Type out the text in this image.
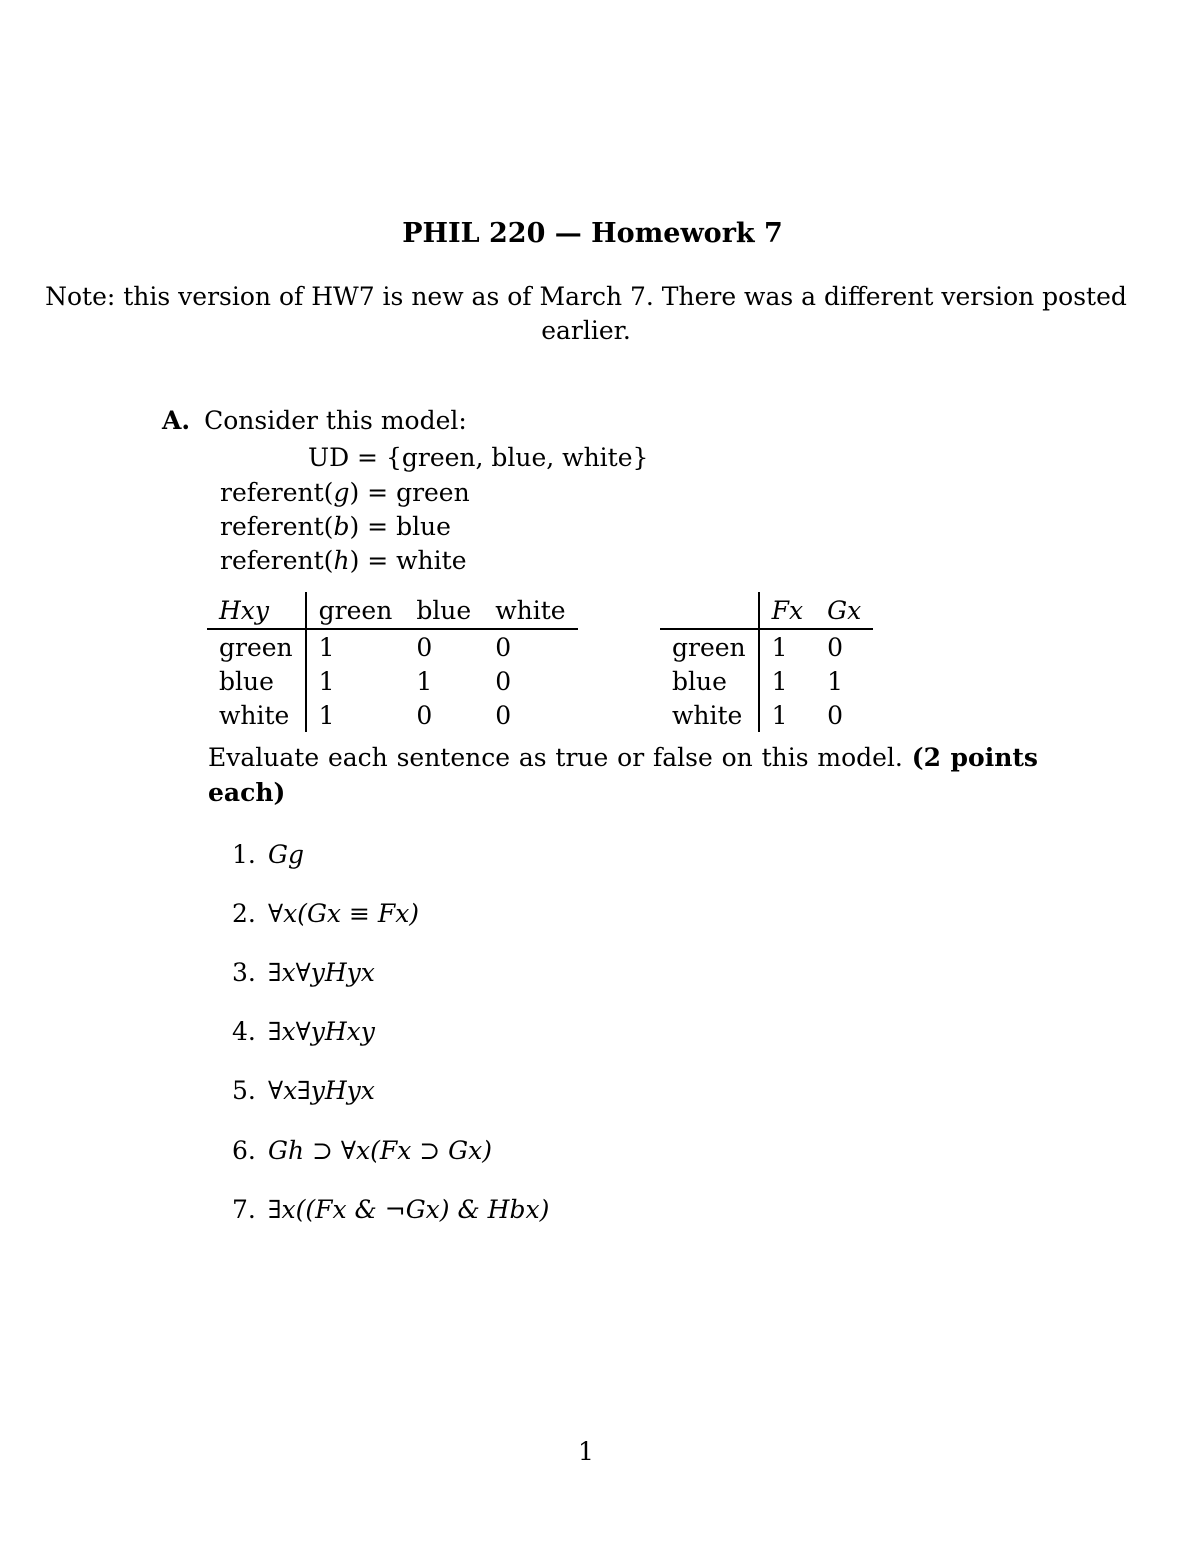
PHIL 220 — Homework 7
Note: this version of HW7 is new as of March 7. There was a different version posted earlier.
A. Consider this model:
UD = {green, blue, white}
referent(g) = green
referent(b) = blue
referent(h) = white
Hxy	green	blue	white
green	1	0	0
blue	1	1	0
white	1	0	0
	Fx	Gx
green	1	0
blue	1	1
white	1	0
Evaluate each sentence as true or false on this model. (2 points each)
1. Gg
2. ∀x(Gx ≡ Fx)
3. ∃x∀yHyx
4. ∃x∀yHxy
5. ∀x∃yHyx
6. Gh ⊃ ∀x(Fx ⊃ Gx)
7. ∃x((Fx & ¬Gx) & Hbx)
1
